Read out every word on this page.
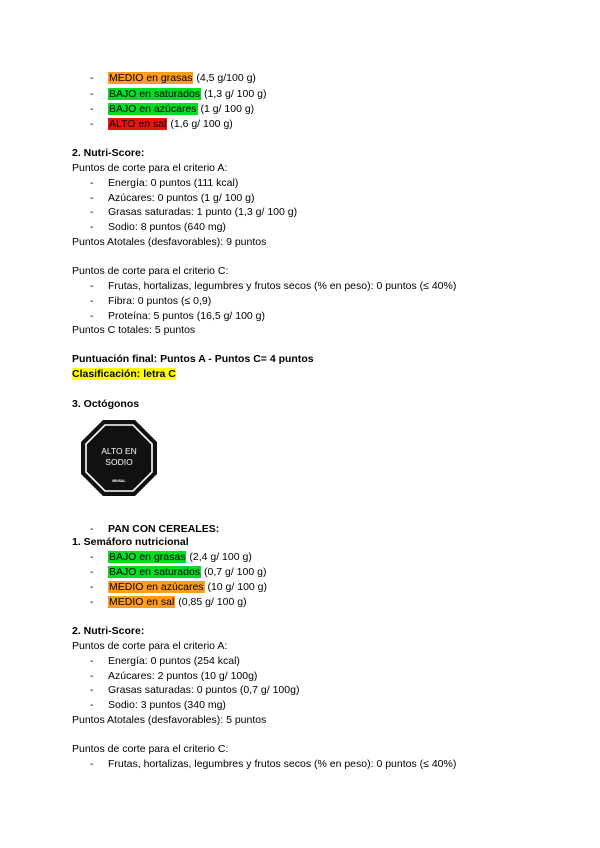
- MEDIO en grasas (4,5 g/100 g)
- BAJO en saturados (1,3 g/ 100 g)
- BAJO en azúcares (1 g/ 100 g)
- ALTO en sal (1,6 g/ 100 g)
2. Nutri-Score:
Puntos de corte para el criterio A:
- Energía: 0 puntos (111 kcal)
- Azúcares: 0 puntos (1 g/ 100 g)
- Grasas saturadas: 1 punto (1,3 g/ 100 g)
- Sodio: 8 puntos (640 mg)
Puntos Atotales (desfavorables): 9 puntos
Puntos de corte para el criterio C:
- Frutas, hortalizas, legumbres y frutos secos (% en peso): 0 puntos (≤ 40%)
- Fibra: 0 puntos (≤ 0,9)
- Proteína: 5 puntos (16,5 g/ 100 g)
Puntos C totales: 5 puntos
Puntuación final: Puntos A - Puntos C= 4 puntos
Clasificación: letra C
3. Octógonos
ALTO EN
SODIO
MINSAL
- PAN CON CEREALES:
1. Semáforo nutricional
- BAJO en grasas (2,4 g/ 100 g)
- BAJO en saturados (0,7 g/ 100 g)
- MEDIO en azúcares (10 g/ 100 g)
- MEDIO en sal (0,85 g/ 100 g)
2. Nutri-Score:
Puntos de corte para el criterio A:
- Energía: 0 puntos (254 kcal)
- Azúcares: 2 puntos (10 g/ 100g)
- Grasas saturadas: 0 puntos (0,7 g/ 100g)
- Sodio: 3 puntos (340 mg)
Puntos Atotales (desfavorables): 5 puntos
Puntos de corte para el criterio C:
- Frutas, hortalizas, legumbres y frutos secos (% en peso): 0 puntos (≤ 40%)
